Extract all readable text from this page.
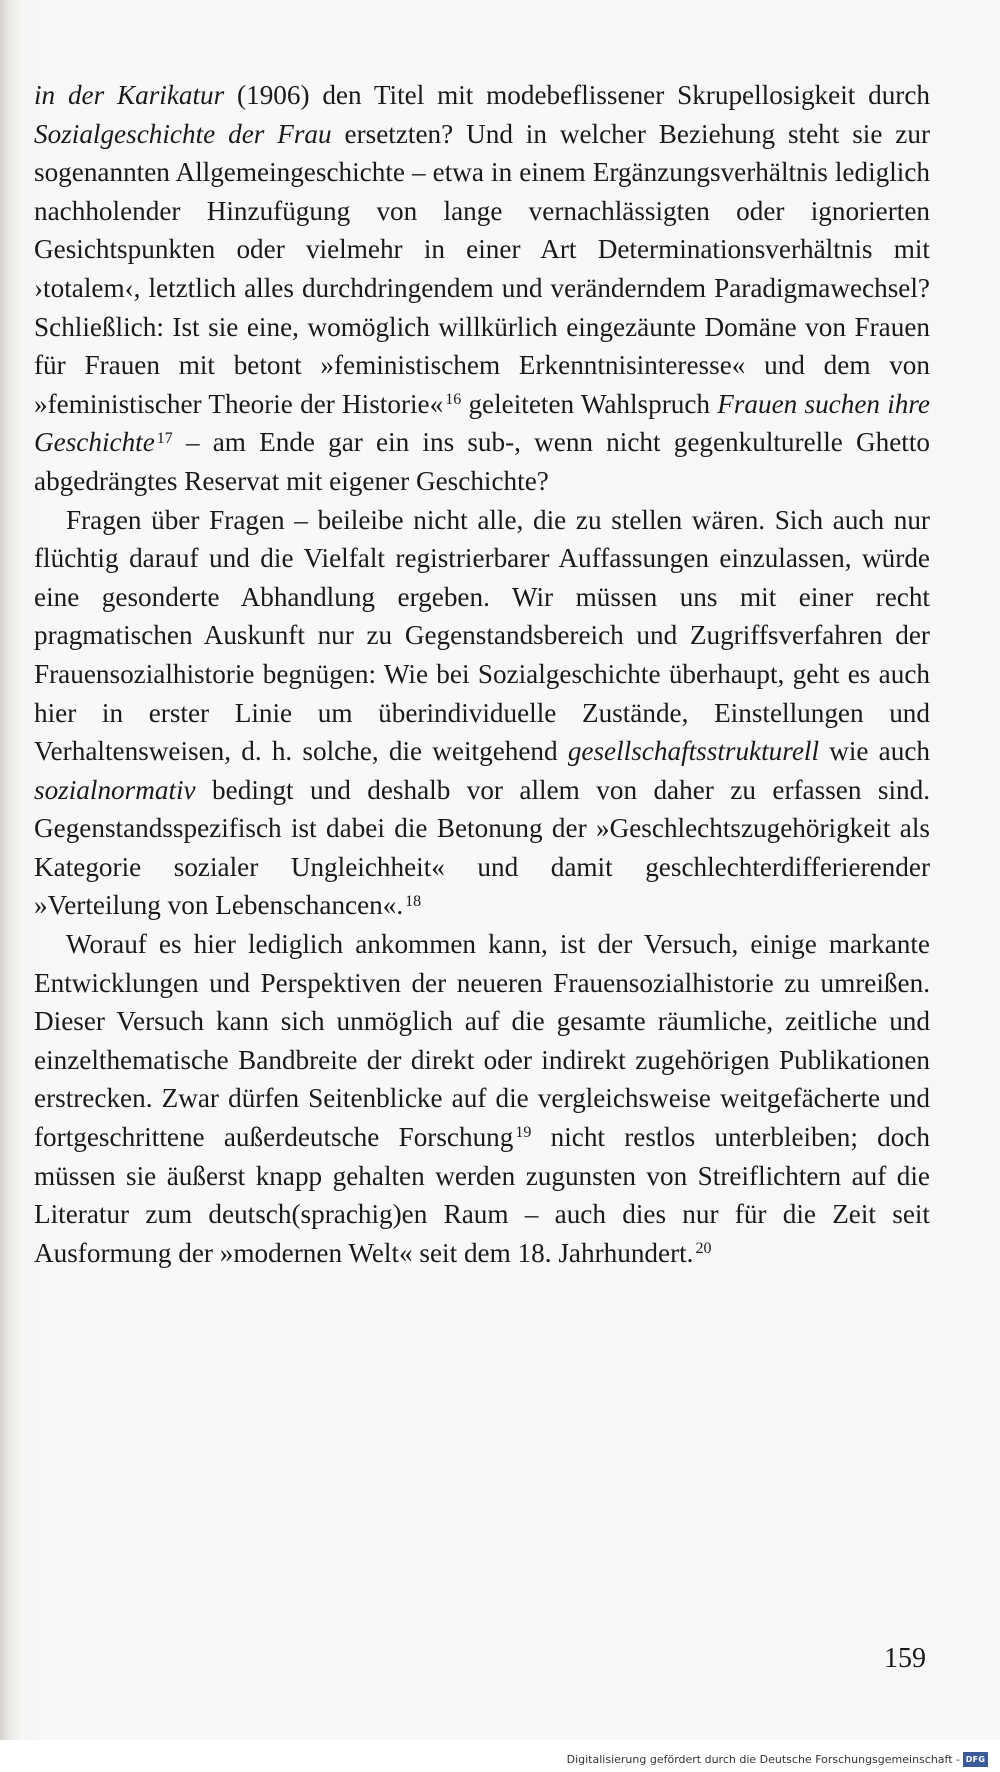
in der Karikatur (1906) den Titel mit modebeflissener Skrupellosigkeit durch Sozialgeschichte der Frau ersetzten? Und in welcher Beziehung steht sie zur sogenannten Allgemeingeschichte – etwa in einem Ergänzungsverhältnis lediglich nachholender Hinzufügung von lange vernachlässigten oder ignorierten Gesichtspunkten oder vielmehr in einer Art Determinationsverhältnis mit ›totalem‹, letztlich alles durchdringendem und veränderndem Paradigmawechsel? Schließlich: Ist sie eine, womöglich willkürlich eingezäunte Domäne von Frauen für Frauen mit betont »feministischem Erkenntnisinteresse« und dem von »feministischer Theorie der Historie« $^{16}$ geleiteten Wahlspruch Frauen suchen ihre Geschichte $^{17}$ – am Ende gar ein ins sub-, wenn nicht gegenkulturelle Ghetto abgedrängtes Reservat mit eigener Geschichte?

Fragen über Fragen – beileibe nicht alle, die zu stellen wären. Sich auch nur flüchtig darauf und die Vielfalt registrierbarer Auffassungen einzulassen, würde eine gesonderte Abhandlung ergeben. Wir müssen uns mit einer recht pragmatischen Auskunft nur zu Gegenstandsbereich und Zugriffsverfahren der Frauensozialhistorie begnügen: Wie bei Sozialgeschichte überhaupt, geht es auch hier in erster Linie um überindividuelle Zustände, Einstellungen und Verhaltensweisen, d. h. solche, die weitgehend gesellschaftsstrukturell wie auch sozialnormativ bedingt und deshalb vor allem von daher zu erfassen sind. Gegenstandsspezifisch ist dabei die Betonung der »Geschlechtszugehörigkeit als Kategorie sozialer Ungleichheit« und damit geschlechterdifferierender »Verteilung von Lebenschancen«. $^{18}$

Worauf es hier lediglich ankommen kann, ist der Versuch, einige markante Entwicklungen und Perspektiven der neueren Frauensozialhistorie zu umreißen. Dieser Versuch kann sich unmöglich auf die gesamte räumliche, zeitliche und einzelthematische Bandbreite der direkt oder indirekt zugehörigen Publikationen erstrecken. Zwar dürfen Seitenblicke auf die vergleichsweise weitgefächerte und fortgeschrittene außerdeutsche Forschung $^{19}$ nicht restlos unterbleiben; doch müssen sie äußerst knapp gehalten werden zugunsten von Streiflichtern auf die Literatur zum deutsch(sprachig)en Raum – auch dies nur für die Zeit seit Ausformung der »modernen Welt« seit dem 18. Jahrhundert. $^{20}$

159
Digitalisierung gefördert durch die Deutsche Forschungsgemeinschaft - DFG
